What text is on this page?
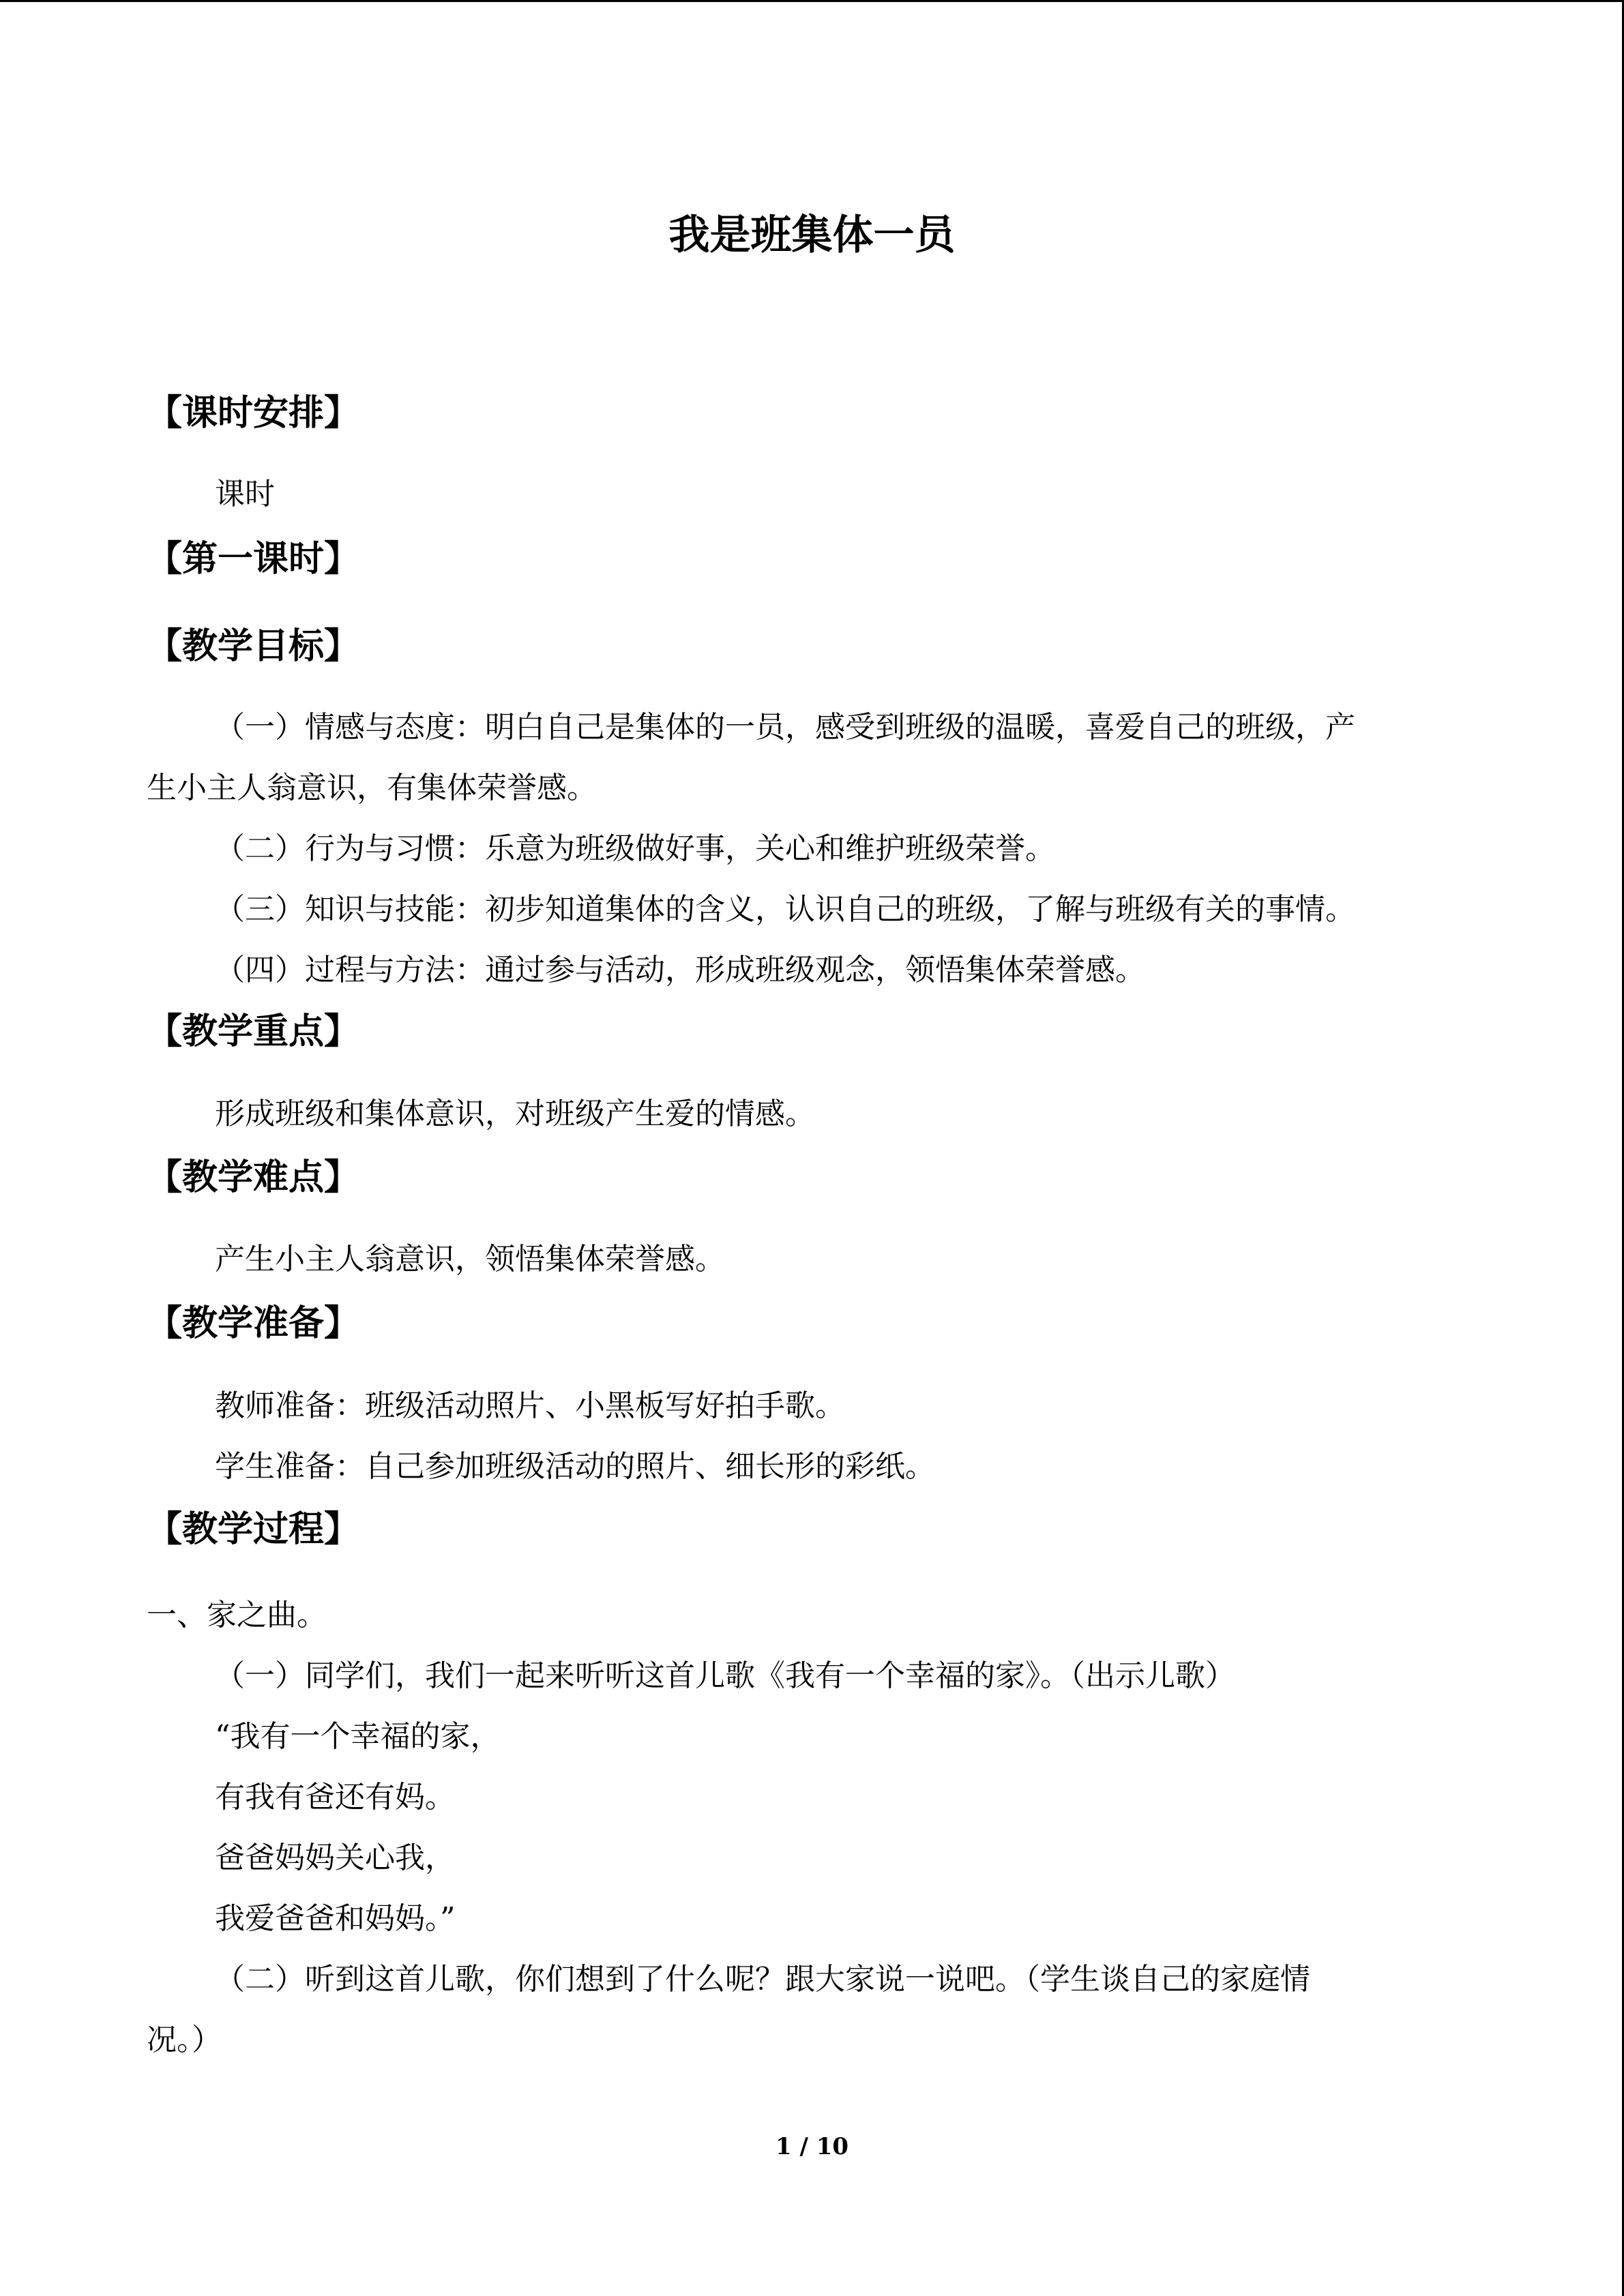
我是班集体一员
【课时安排】

课时

【第一课时】
【教学目标】

（一）情感与态度：明白自己是集体的一员，感受到班级的温暖，喜爱自己的班级，产

生小主人翁意识，有集体荣誉感。

（二）行为与习惯：乐意为班级做好事，关心和维护班级荣誉。

（三）知识与技能：初步知道集体的含义，认识自己的班级，了解与班级有关的事情。

（四）过程与方法：通过参与活动，形成班级观念，领悟集体荣誉感。

【教学重点】

形成班级和集体意识，对班级产生爱的情感。

【教学难点】

产生小主人翁意识，领悟集体荣誉感。

【教学准备】

教师准备：班级活动照片、小黑板写好拍手歌。

学生准备：自己参加班级活动的照片、细长形的彩纸。

【教学过程】

一、家之曲。

（一）同学们，我们一起来听听这首儿歌《我有一个幸福的家》。（出示儿歌）

“我有一个幸福的家，

有我有爸还有妈。

爸爸妈妈关心我，

我爱爸爸和妈妈。”

（二）听到这首儿歌，你们想到了什么呢？跟大家说一说吧。（学生谈自己的家庭情

况。）

1 / 10
